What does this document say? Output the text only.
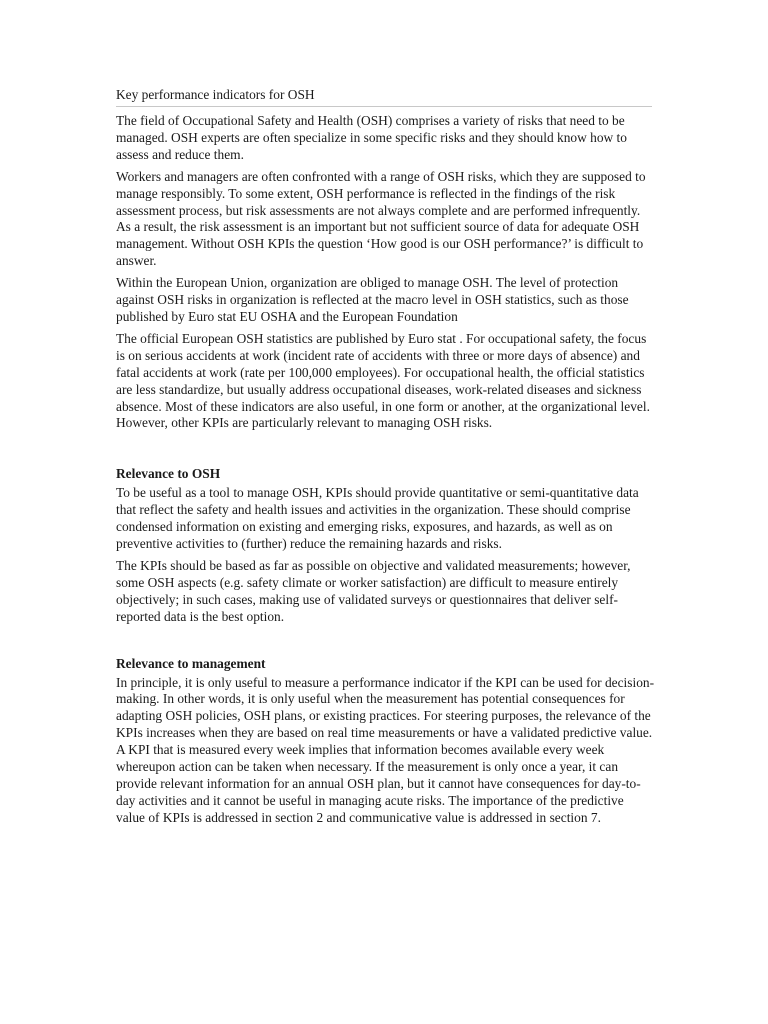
Key performance indicators for OSH

The field of Occupational Safety and Health (OSH) comprises a variety of risks that need to be managed. OSH experts are often specialize in some specific risks and they should know how to assess and reduce them.

Workers and managers are often confronted with a range of OSH risks, which they are supposed to manage responsibly. To some extent, OSH performance is reflected in the findings of the risk assessment process, but risk assessments are not always complete and are performed infrequently. As a result, the risk assessment is an important but not sufficient source of data for adequate OSH management. Without OSH KPIs the question ‘How good is our OSH performance?’ is difficult to answer.

Within the European Union, organization are obliged to manage OSH. The level of protection against OSH risks in organization is reflected at the macro level in OSH statistics, such as those published by Euro stat EU OSHA and the European Foundation

The official European OSH statistics are published by Euro stat . For occupational safety, the focus is on serious accidents at work (incident rate of accidents with three or more days of absence) and fatal accidents at work (rate per 100,000 employees). For occupational health, the official statistics are less standardize, but usually address occupational diseases, work-related diseases and sickness absence. Most of these indicators are also useful, in one form or another, at the organizational level. However, other KPIs are particularly relevant to managing OSH risks.

Relevance to OSH

To be useful as a tool to manage OSH, KPIs should provide quantitative or semi-quantitative data that reflect the safety and health issues and activities in the organization. These should comprise condensed information on existing and emerging risks, exposures, and hazards, as well as on preventive activities to (further) reduce the remaining hazards and risks.

The KPIs should be based as far as possible on objective and validated measurements; however, some OSH aspects (e.g. safety climate or worker satisfaction) are difficult to measure entirely objectively; in such cases, making use of validated surveys or questionnaires that deliver self-reported data is the best option.

Relevance to management

In principle, it is only useful to measure a performance indicator if the KPI can be used for decision-making. In other words, it is only useful when the measurement has potential consequences for adapting OSH policies, OSH plans, or existing practices. For steering purposes, the relevance of the KPIs increases when they are based on real time measurements or have a validated predictive value. A KPI that is measured every week implies that information becomes available every week whereupon action can be taken when necessary. If the measurement is only once a year, it can provide relevant information for an annual OSH plan, but it cannot have consequences for day-to-day activities and it cannot be useful in managing acute risks. The importance of the predictive value of KPIs is addressed in section 2 and communicative value is addressed in section 7.
